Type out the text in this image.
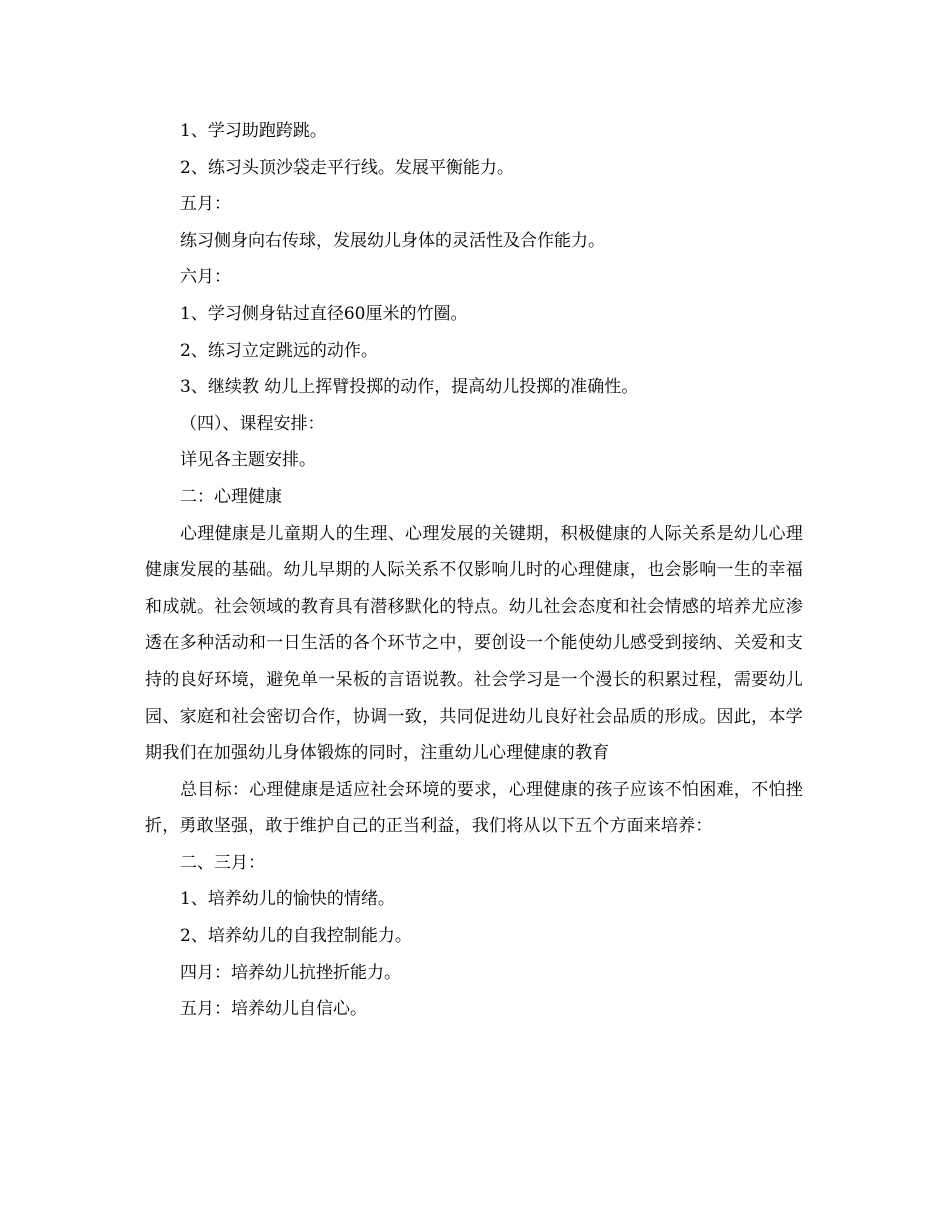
1、学习助跑跨跳。
2、练习头顶沙袋走平行线。发展平衡能力。
五月：
练习侧身向右传球，发展幼儿身体的灵活性及合作能力。
六月：
1、学习侧身钻过直径60厘米的竹圈。
2、练习立定跳远的动作。
3、继续教 幼儿上挥臂投掷的动作，提高幼儿投掷的准确性。
（四）、课程安排：
详见各主题安排。
二：心理健康
心理健康是儿童期人的生理、心理发展的关键期，积极健康的人际关系是幼儿心理健康发展的基础。幼儿早期的人际关系不仅影响儿时的心理健康，也会影响一生的幸福和成就。社会领域的教育具有潜移默化的特点。幼儿社会态度和社会情感的培养尤应渗透在多种活动和一日生活的各个环节之中，要创设一个能使幼儿感受到接纳、关爱和支持的良好环境，避免单一呆板的言语说教。社会学习是一个漫长的积累过程，需要幼儿园、家庭和社会密切合作，协调一致，共同促进幼儿良好社会品质的形成。因此，本学期我们在加强幼儿身体锻炼的同时，注重幼儿心理健康的教育
总目标：心理健康是适应社会环境的要求，心理健康的孩子应该不怕困难，不怕挫折，勇敢坚强，敢于维护自己的正当利益，我们将从以下五个方面来培养：
二、三月：
1、培养幼儿的愉快的情绪。
2、培养幼儿的自我控制能力。
四月：培养幼儿抗挫折能力。
五月：培养幼儿自信心。
